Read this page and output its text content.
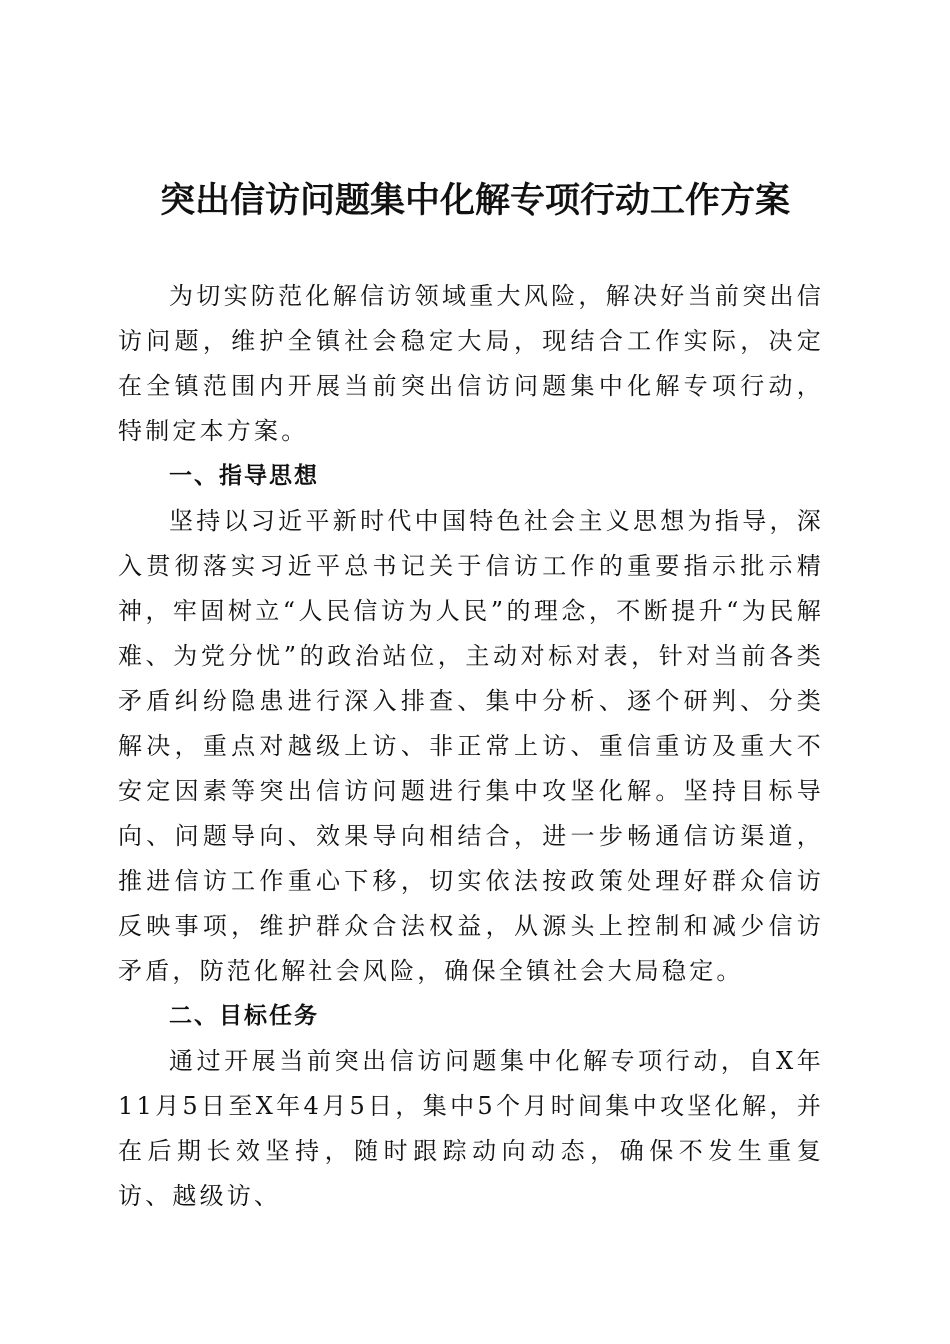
突出信访问题集中化解专项行动工作方案

为切实防范化解信访领域重大风险，解决好当前突出信访问题，维护全镇社会稳定大局，现结合工作实际，决定在全镇范围内开展当前突出信访问题集中化解专项行动，特制定本方案。

一、指导思想

坚持以习近平新时代中国特色社会主义思想为指导，深入贯彻落实习近平总书记关于信访工作的重要指示批示精神，牢固树立“人民信访为人民”的理念，不断提升“为民解难、为党分忧”的政治站位，主动对标对表，针对当前各类矛盾纠纷隐患进行深入排查、集中分析、逐个研判、分类解决，重点对越级上访、非正常上访、重信重访及重大不安定因素等突出信访问题进行集中攻坚化解。坚持目标导向、问题导向、效果导向相结合，进一步畅通信访渠道，推进信访工作重心下移，切实依法按政策处理好群众信访反映事项，维护群众合法权益，从源头上控制和减少信访矛盾，防范化解社会风险，确保全镇社会大局稳定。

二、目标任务

通过开展当前突出信访问题集中化解专项行动，自X年11月5日至X年4月5日，集中5个月时间集中攻坚化解，并在后期长效坚持，随时跟踪动向动态，确保不发生重复访、越级访、
